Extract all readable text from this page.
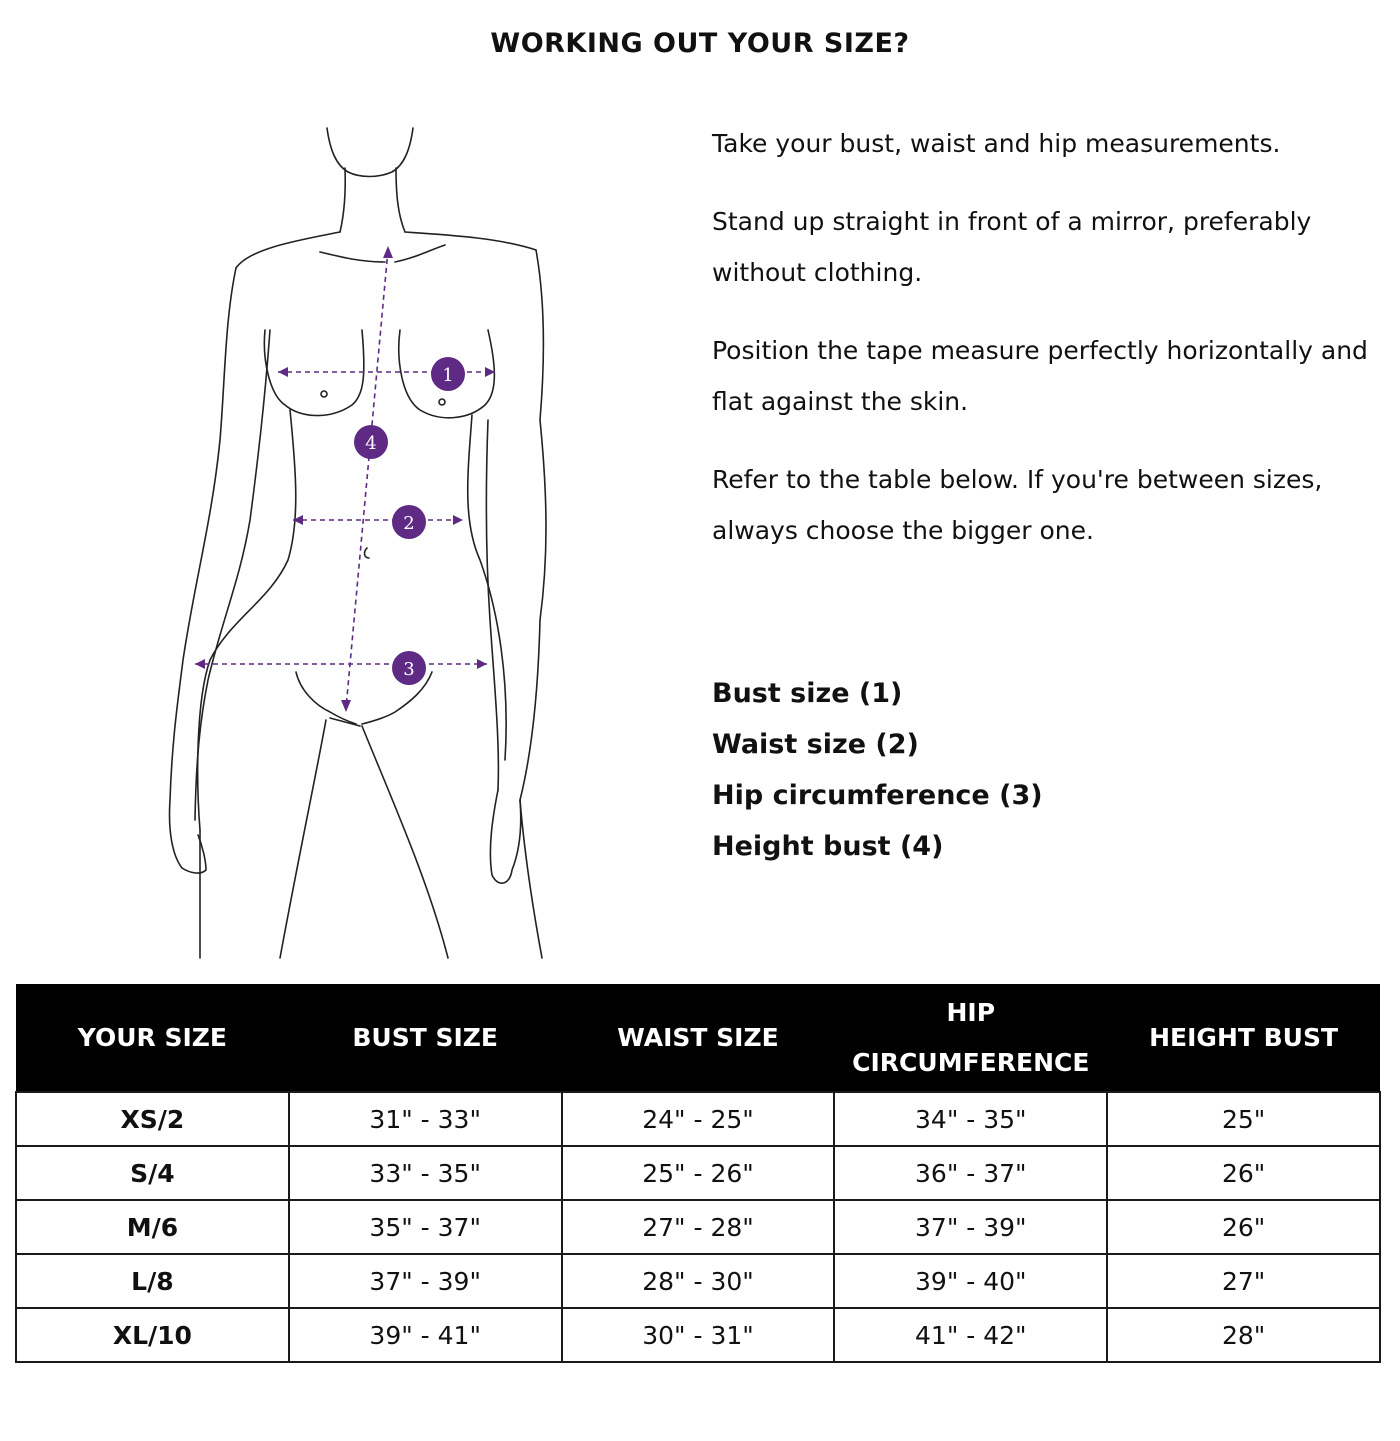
WORKING OUT YOUR SIZE?
1
4
2
3

Take your bust, waist and hip measurements.

Stand up straight in front of a mirror, preferably without clothing.

Position the tape measure perfectly horizontally and flat against the skin.

Refer to the table below. If you're between sizes, always choose the bigger one.

Bust size (1)
Waist size (2)
Hip circumference (3)
Height bust (4)
YOUR SIZE	BUST SIZE	WAIST SIZE	HIP CIRCUMFERENCE	HEIGHT BUST
XS/2	31" - 33"	24" - 25"	34" - 35"	25"
S/4	33" - 35"	25" - 26"	36" - 37"	26"
M/6	35" - 37"	27" - 28"	37" - 39"	26"
L/8	37" - 39"	28" - 30"	39" - 40"	27"
XL/10	39" - 41"	30" - 31"	41" - 42"	28"
